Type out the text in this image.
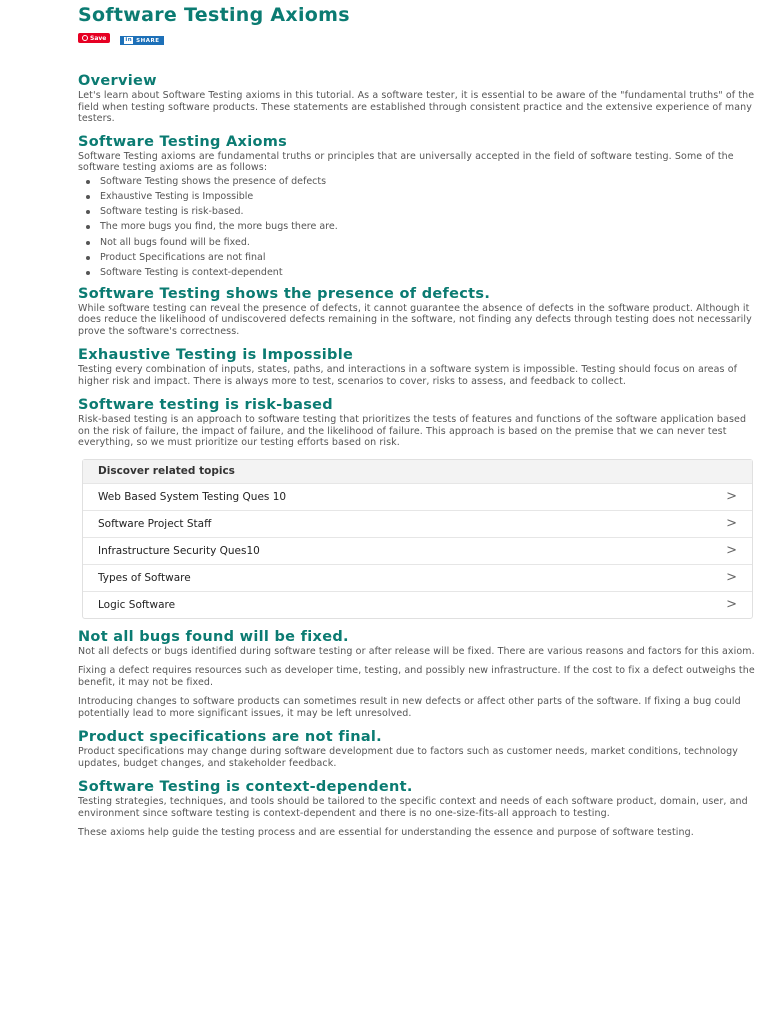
Software Testing Axioms
Save	in SHARE
Overview

Let's learn about Software Testing axioms in this tutorial. As a software tester, it is essential to be aware of the "fundamental truths" of the field when testing software products. These statements are established through consistent practice and the extensive experience of many testers.

Software Testing Axioms

Software Testing axioms are fundamental truths or principles that are universally accepted in the field of software testing. Some of the software testing axioms are as follows:

Software Testing shows the presence of defects
Exhaustive Testing is Impossible
Software testing is risk-based.
The more bugs you find, the more bugs there are.
Not all bugs found will be fixed.
Product Specifications are not final
Software Testing is context-dependent
Software Testing shows the presence of defects.

While software testing can reveal the presence of defects, it cannot guarantee the absence of defects in the software product. Although it does reduce the likelihood of undiscovered defects remaining in the software, not finding any defects through testing does not necessarily prove the software's correctness.

Exhaustive Testing is Impossible

Testing every combination of inputs, states, paths, and interactions in a software system is impossible. Testing should focus on areas of higher risk and impact. There is always more to test, scenarios to cover, risks to assess, and feedback to collect.

Software testing is risk-based

Risk-based testing is an approach to software testing that prioritizes the tests of features and functions of the software application based on the risk of failure, the impact of failure, and the likelihood of failure. This approach is based on the premise that we can never test everything, so we must prioritize our testing efforts based on risk.

Discover related topics
Web Based System Testing Ques 10	>
Software Project Staff	>
Infrastructure Security Ques10	>
Types of Software	>
Logic Software	>
Not all bugs found will be fixed.

Not all defects or bugs identified during software testing or after release will be fixed. There are various reasons and factors for this axiom.

Fixing a defect requires resources such as developer time, testing, and possibly new infrastructure. If the cost to fix a defect outweighs the benefit, it may not be fixed.

Introducing changes to software products can sometimes result in new defects or affect other parts of the software. If fixing a bug could potentially lead to more significant issues, it may be left unresolved.

Product specifications are not final.

Product specifications may change during software development due to factors such as customer needs, market conditions, technology updates, budget changes, and stakeholder feedback.

Software Testing is context-dependent.

Testing strategies, techniques, and tools should be tailored to the specific context and needs of each software product, domain, user, and environment since software testing is context-dependent and there is no one-size-fits-all approach to testing.

These axioms help guide the testing process and are essential for understanding the essence and purpose of software testing.
